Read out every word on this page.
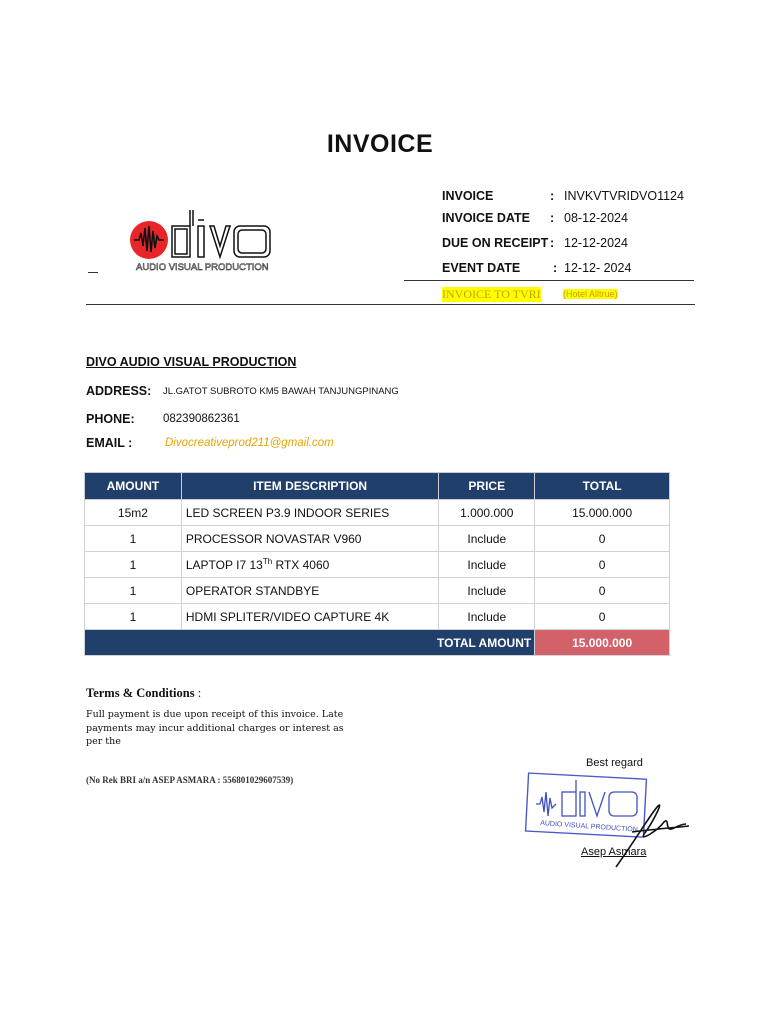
INVOICE
AUDIO VISUAL PRODUCTION
INVOICE	: INVKVTVRIDVO1124
INVOICE DATE	: 08-12-2024
DUE ON RECEIPT : 12-12-2024
EVENT DATE	: 12-12- 2024
INVOICE TO TVRI (Hotel Alltrue)
DIVO AUDIO VISUAL PRODUCTION
ADDRESS: JL.GATOT SUBROTO KM5 BAWAH TANJUNGPINANG
PHONE: 082390862361
EMAIL :	Divocreativeprod211@gmail.com
AMOUNT	ITEM DESCRIPTION	PRICE	TOTAL
15m2	LED SCREEN P3.9 INDOOR SERIES	1.000.000	15.000.000
1	PROCESSOR NOVASTAR V960	Include	0
1	LAPTOP I7 13Th RTX 4060	Include	0
1	OPERATOR STANDBYE	Include	0
1	HDMI SPLITER/VIDEO CAPTURE 4K	Include	0
TOTAL AMOUNT			15.000.000
Terms & Conditions :
Full payment is due upon receipt of this invoice. Late payments may incur additional charges or interest as per the
(No Rek BRI a/n ASEP ASMARA : 556801029607539)
Best regard
AUDIO VISUAL PRODUCTION
Asep Asmara
